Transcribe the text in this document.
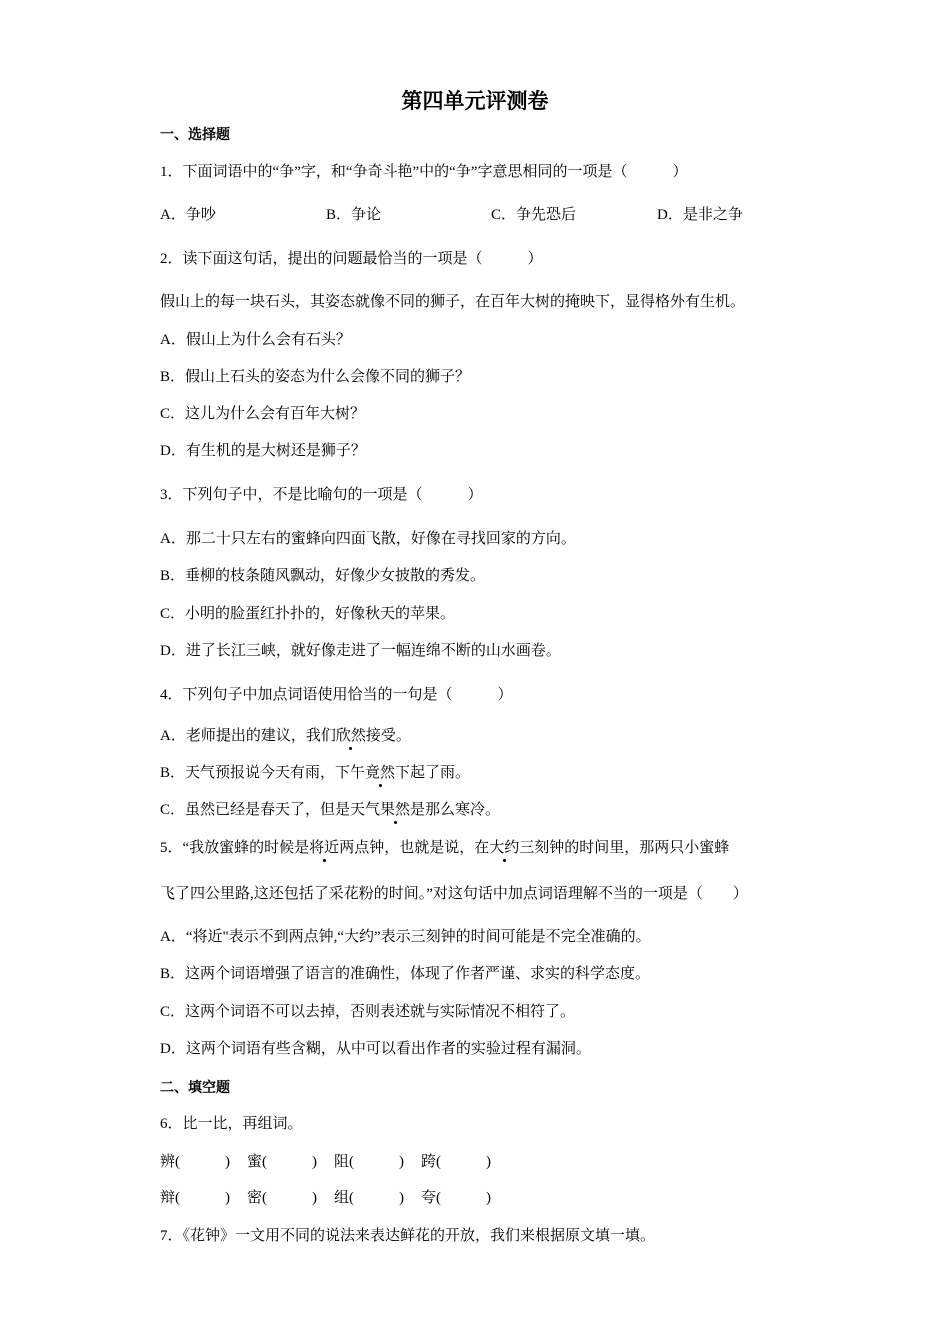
第四单元评测卷
一、选择题
1．下面词语中的“争”字，和“争奇斗艳”中的“争”字意思相同的一项是（　　　）
A．争吵	B．争论	C．争先恐后	D．是非之争
2．读下面这句话，提出的问题最恰当的一项是（　　　）
假山上的每一块石头，其姿态就像不同的狮子，在百年大树的掩映下，显得格外有生机。
A．假山上为什么会有石头？
B．假山上石头的姿态为什么会像不同的狮子？
C．这儿为什么会有百年大树？
D．有生机的是大树还是狮子？
3．下列句子中，不是比喻句的一项是（　　　）
A．那二十只左右的蜜蜂向四面飞散，好像在寻找回家的方向。
B．垂柳的枝条随风飘动，好像少女披散的秀发。
C．小明的脸蛋红扑扑的，好像秋天的苹果。
D．进了长江三峡，就好像走进了一幅连绵不断的山水画卷。
4．下列句子中加点词语使用恰当的一句是（　　　）
A．老师提出的建议，我们欣然接受。
B．天气预报说今天有雨，下午竟然下起了雨。
C．虽然已经是春天了，但是天气果然是那么寒冷。
5．“我放蜜蜂的时候是将近两点钟，也就是说，在大约三刻钟的时间里，那两只小蜜蜂
飞了四公里路,这还包括了采花粉的时间。”对这句话中加点词语理解不当的一项是（　　）
A．“将近"表示不到两点钟,“大约”表示三刻钟的时间可能是不完全准确的。
B．这两个词语增强了语言的准确性，体现了作者严谨、求实的科学态度。
C．这两个词语不可以去掉，否则表述就与实际情况不相符了。
D．这两个词语有些含糊，从中可以看出作者的实验过程有漏洞。
二、填空题
6．比一比，再组词。
辨(　　　) 蜜(　　　) 阻(　　　) 跨(　　　)
辩(　　　) 密(　　　) 组(　　　) 夸(　　　)
7．《花钟》一文用不同的说法来表达鲜花的开放，我们来根据原文填一填。
